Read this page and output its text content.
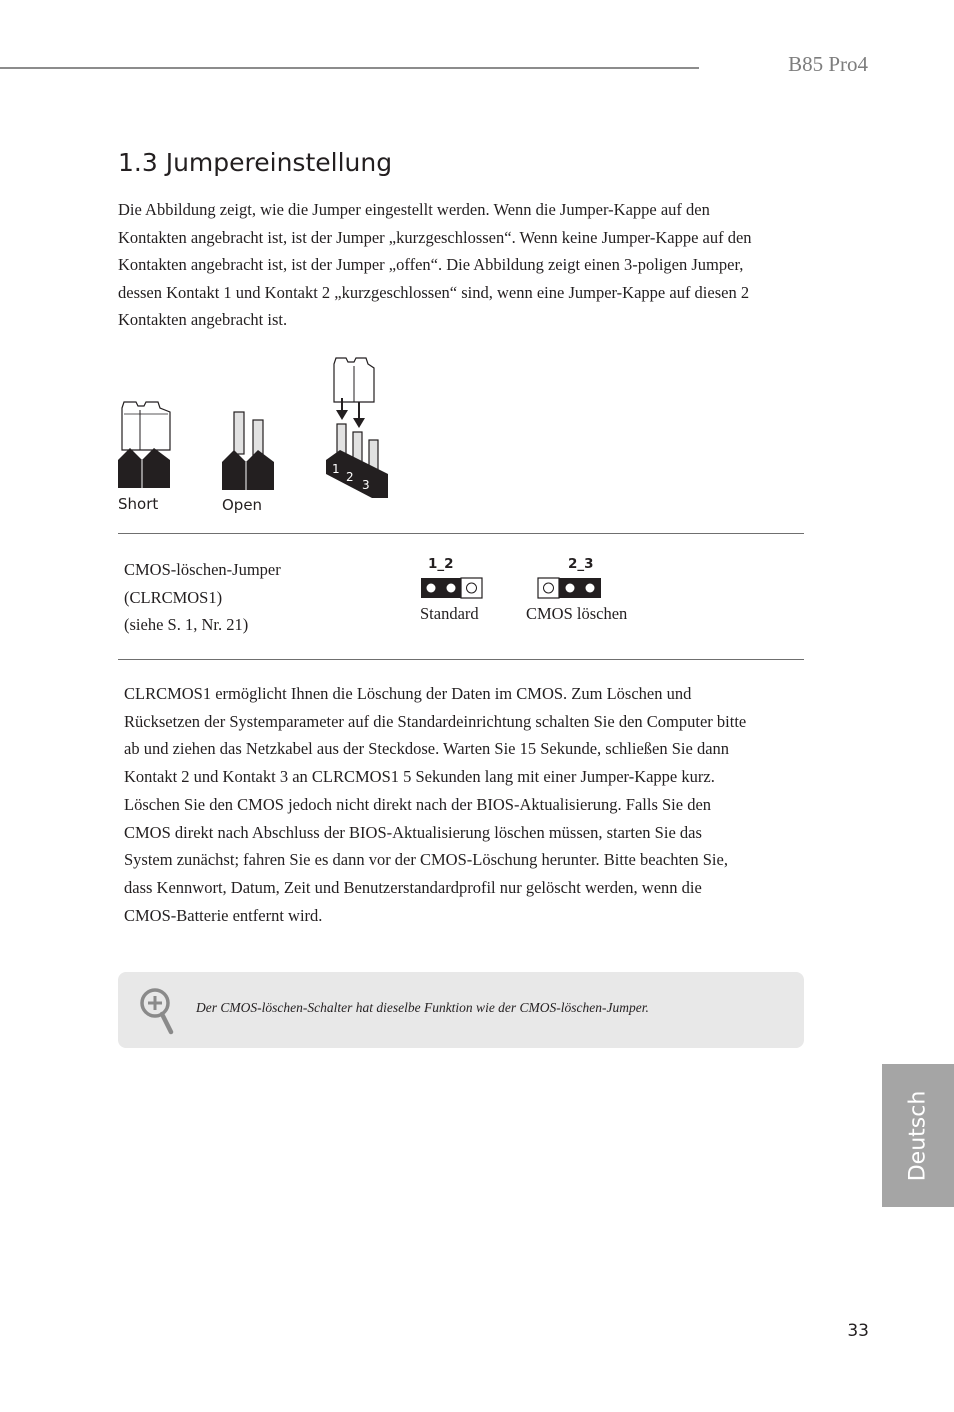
B85 Pro4
1.3 Jumpereinstellung

Die Abbildung zeigt, wie die Jumper eingestellt werden. Wenn die Jumper-Kappe auf den Kontakten angebracht ist, ist der Jumper „kurzgeschlossen“. Wenn keine Jumper-Kappe auf den Kontakten angebracht ist, ist der Jumper „offen“. Die Abbildung zeigt einen 3-poligen Jumper, dessen Kontakt 1 und Kontakt 2 „kurzgeschlossen“ sind, wenn eine Jumper-Kappe auf diesen 2 Kontakten angebracht ist.

1
2
3
Short	Open
CMOS-löschen-Jumper
(CLRCMOS1)
(siehe S. 1, Nr. 21)
1_2
Standard
2_3
CMOS löschen

CLRCMOS1 ermöglicht Ihnen die Löschung der Daten im CMOS. Zum Löschen und Rücksetzen der Systemparameter auf die Standardeinrichtung schalten Sie den Computer bitte ab und ziehen das Netzkabel aus der Steckdose. Warten Sie 15 Sekunde, schließen Sie dann Kontakt 2 und Kontakt 3 an CLRCMOS1 5 Sekunden lang mit einer Jumper-Kappe kurz. Löschen Sie den CMOS jedoch nicht direkt nach der BIOS-Aktualisierung. Falls Sie den CMOS direkt nach Abschluss der BIOS-Aktualisierung löschen müssen, starten Sie das System zunächst; fahren Sie es dann vor der CMOS-Löschung herunter. Bitte beachten Sie, dass Kennwort, Datum, Zeit und Benutzerstandardprofil nur gelöscht werden, wenn die CMOS-Batterie entfernt wird.

Der CMOS-löschen-Schalter hat dieselbe Funktion wie der CMOS-löschen-Jumper.
Deutsch
33
